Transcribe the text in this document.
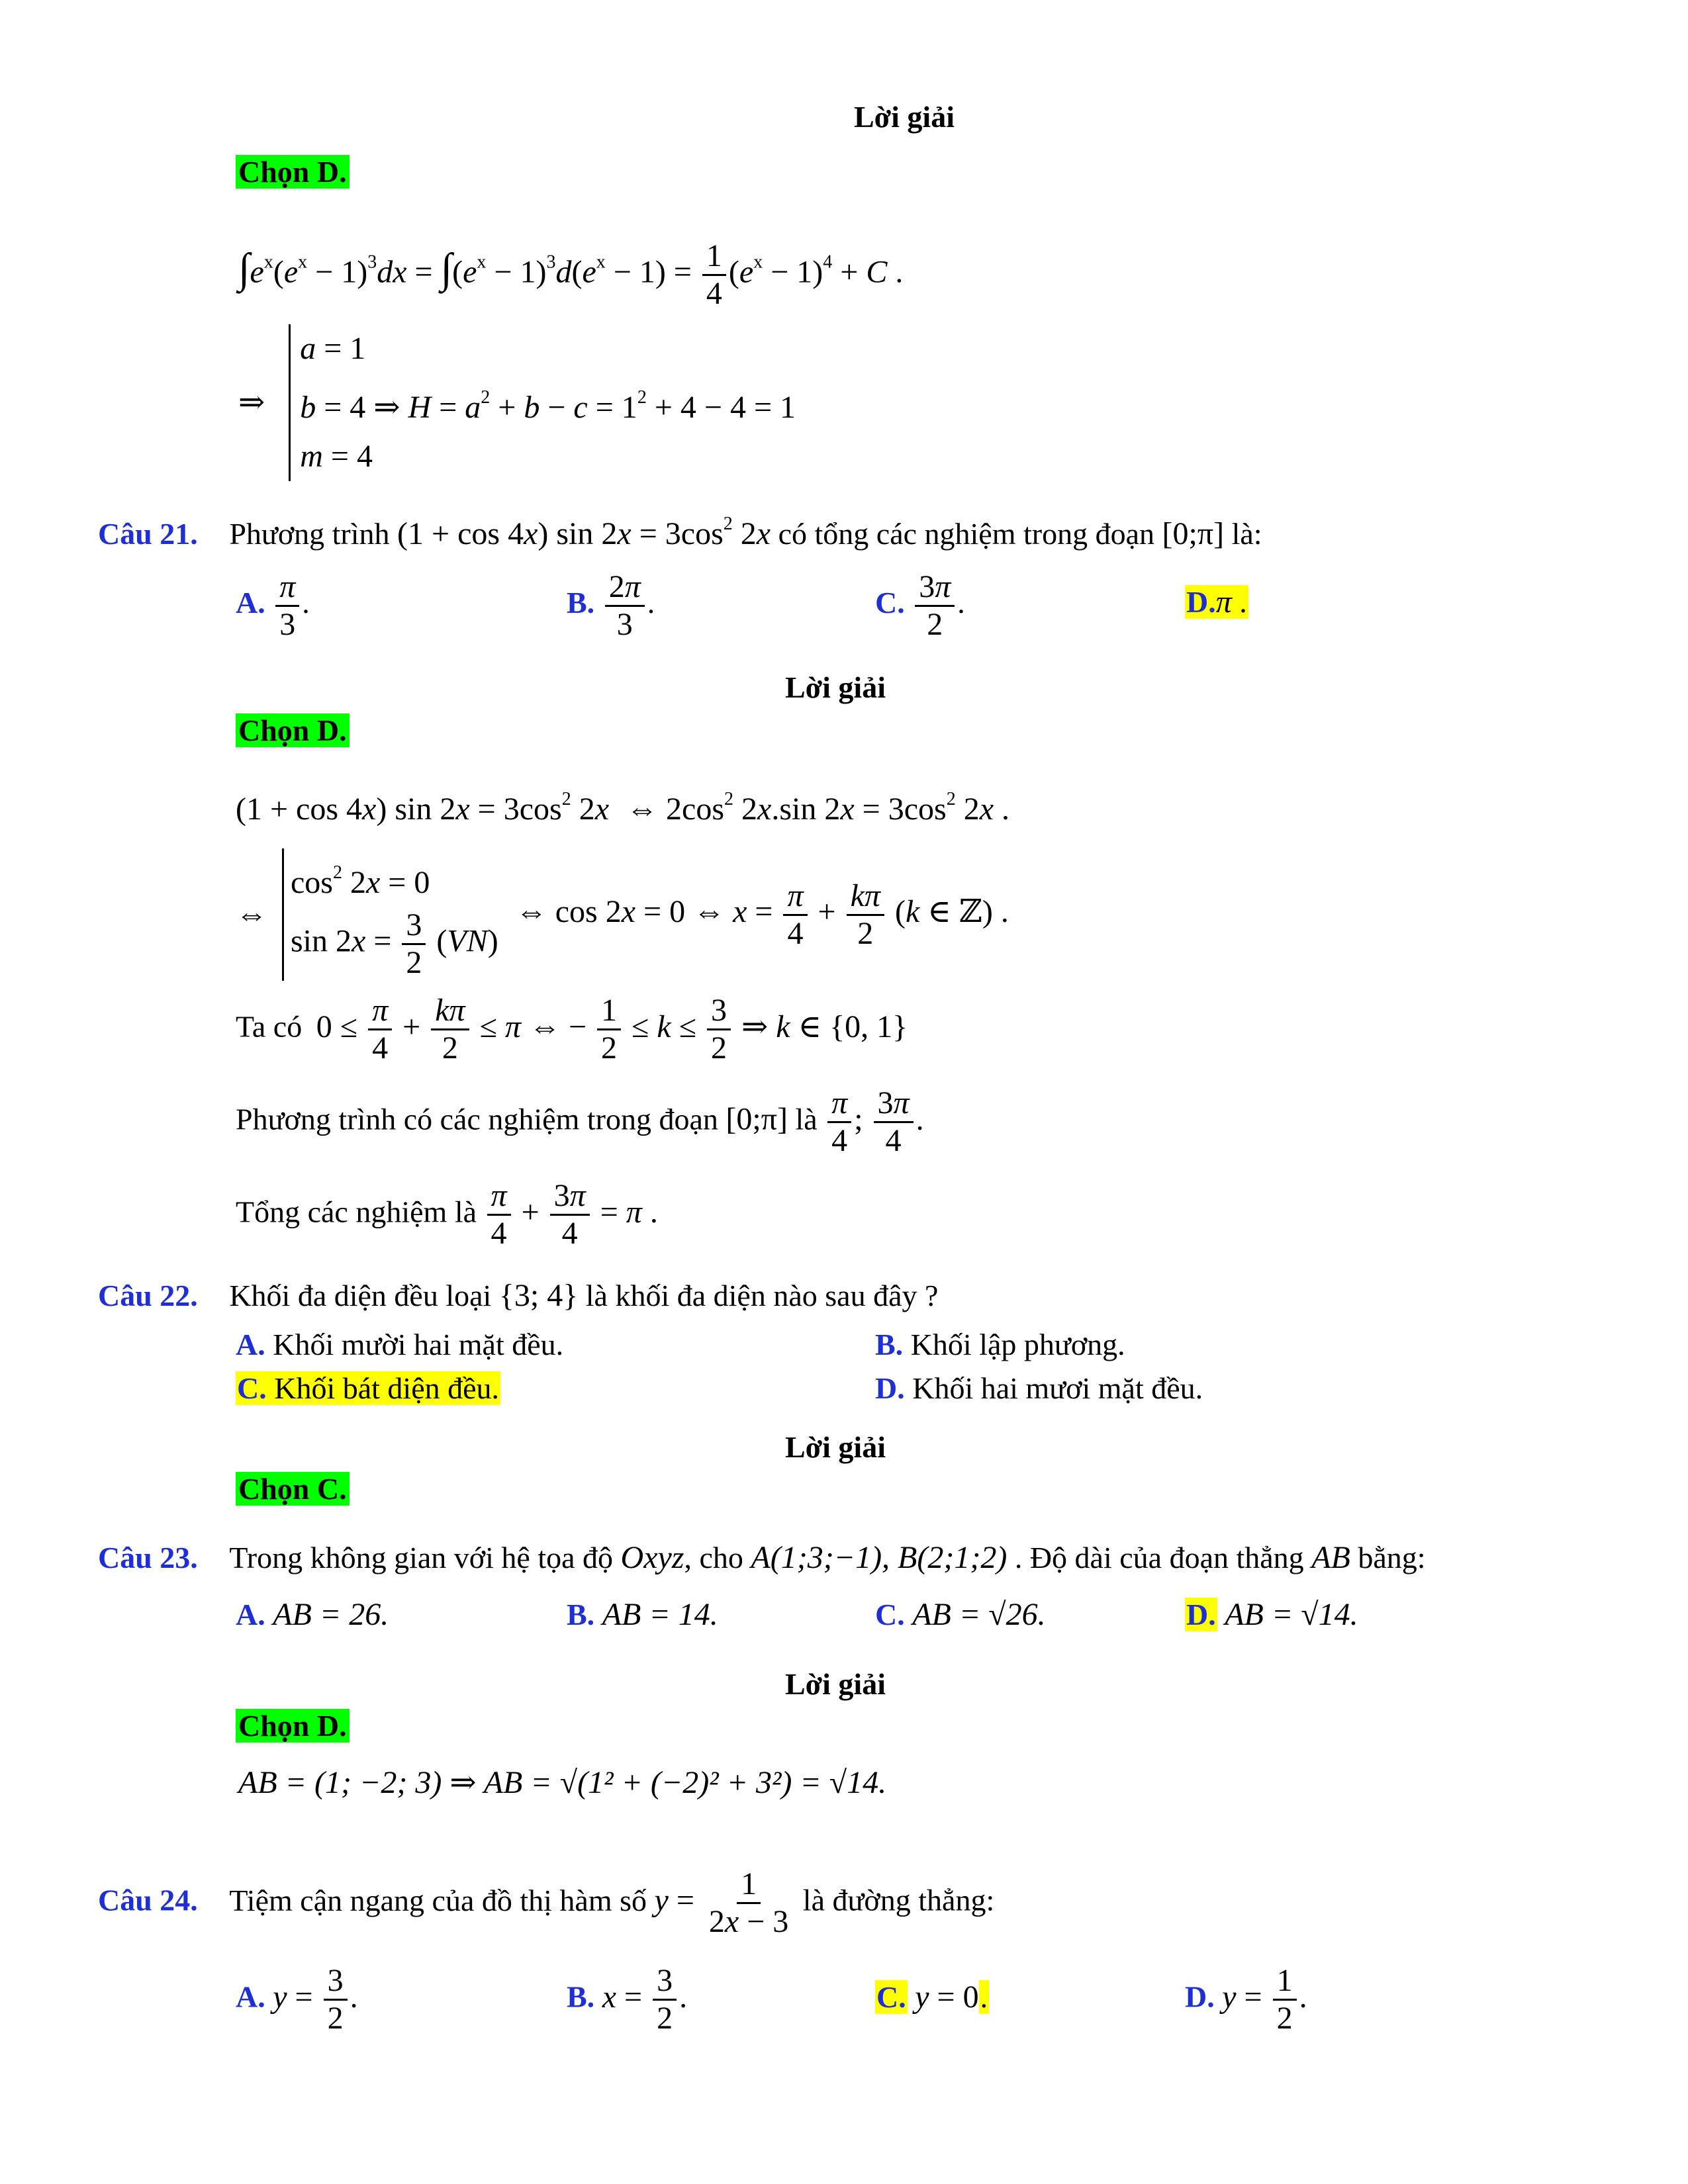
Lời giải
Chọn D.
$\int e^x(e^x - 1)^3dx = \int(e^x - 1)^3d(e^x - 1) = \frac{1}{4} (e^x - 1)^4 + C$ .
⇒
a = 1
b = 4 ⇒ $H = a^2 + b - c = 1^2 + 4 - 4 = 1$
m = 4
Câu 21. Phương trình (1 + cos 4x) $\sin 2x = 3\cos^2$ 2x có tổng các nghiệm trong đoạn [0;π] là:
A. $\frac{\pi}{3}$ .	B. $\frac{2\pi}{3}$ .	C. $\frac{3\pi}{2}$ .	D.π .
Lời giải
Chọn D.
(1 + cos 4x) $\sin 2x = 3\cos^2$ 2x ⇔ $2\cos^2$ 2x.sin $2x = 3\cos^2$ 2x .
⇔
$\cos^2 2x = 0$
$\sin 2x = \frac{3}{2} (VN)$
⇔ cos 2x = 0 ⇔ $x = \frac{\pi}{4} + \frac{k\pi}{2} (k$ ∈ ℤ) .
Ta có $0 \le \frac{\pi}{4} + \frac{k\pi}{2} \le \pi$ ⇔ − $\frac{1}{2} \le k \le \frac{3}{2}$ ⇒ k ∈ {0, 1}
Phương trình có các nghiệm trong đoạn [0;π] là $\frac{\pi}{4}$ ; $\frac{3\pi}{4}$ .
Tổng các nghiệm là $\frac{\pi}{4} + \frac{3\pi}{4} = \pi$ .
Câu 22. Khối đa diện đều loại {3; 4} là khối đa diện nào sau đây ?
A. Khối mười hai mặt đều.	B. Khối lập phương.
C. Khối bát diện đều.	D. Khối hai mươi mặt đều.
Lời giải
Chọn C.
Câu 23. Trong không gian với hệ tọa độ Oxyz, cho A(1;3;−1), B(2;1;2) . Độ dài của đoạn thẳng AB bằng:
A. AB = 26.	B. AB = 14.	C. AB = √26.	D. AB = √14.
Lời giải
Chọn D.
AB = (1; −2; 3) ⇒ AB = √(1² + (−2)² + 3²) = √14.
Câu 24. Tiệm cận ngang của đồ thị hàm số $y = \frac{1}{2x - 3}$ là đường thẳng:
A. $y = \frac{3}{2}$ .	B. $x = \frac{3}{2}$ .	C. y = 0.	D. $y = \frac{1}{2}$ .
